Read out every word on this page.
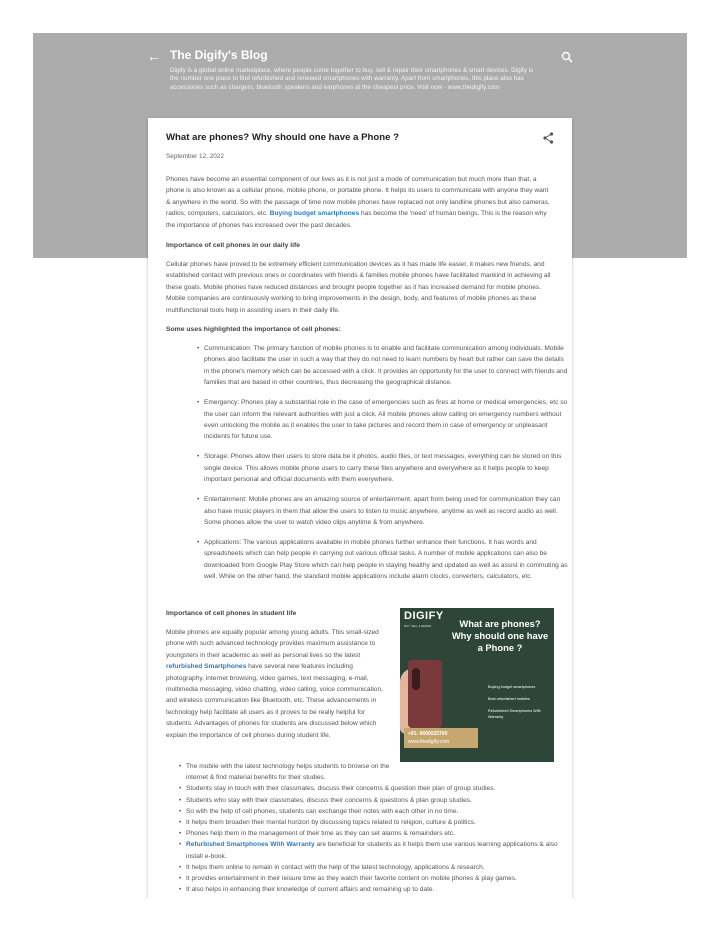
← The Digify's Blog

Digify is a global online marketplace, where people come together to buy, sell & repair their smartphones & smart devices. Digify is the number one place to find refurbished and renewed smartphones with warranty. Apart from smartphones, this place also has accessories such as chargers, bluetooth speakers and earphones at the cheapest price. Visit now - www.thedigify.com

What are phones? Why should one have a Phone ?
September 12, 2022

Phones have become an essential component of our lives as it is not just a mode of communication but much more than that, a phone is also known as a cellular phone, mobile phone, or portable phone. It helps its users to communicate with anyone they want & anywhere in the world. So with the passage of time now mobile phones have replaced not only landline phones but also cameras, radios, computers, calculators, etc. Buying budget smartphones has become the 'need' of human beings. This is the reason why the importance of phones has increased over the past decades.

Importance of cell phones in our daily life

Cellular phones have proved to be extremely efficient communication devices as it has made life easier, it makes new friends, and established contact with previous ones or coordinates with friends & families mobile phones have facilitated mankind in achieving all these goals. Mobile phones have reduced distances and brought people together as it has increased demand for mobile phones. Mobile companies are continuously working to bring improvements in the design, body, and features of mobile phones as these multifunctional tools help in assisting users in their daily life.

Some uses highlighted the importance of cell phones:
• Communication: The primary function of mobile phones is to enable and facilitate communication among individuals. Mobile phones also facilitate the user in such a way that they do not need to learn numbers by heart but rather can save the details in the phone's memory which can be accessed with a click. It provides an opportunity for the user to connect with friends and families that are based in other countries, thus decreasing the geographical distance.
• Emergency: Phones play a substantial role in the case of emergencies such as fires at home or medical emergencies, etc so the user can inform the relevant authorities with just a click. All mobile phones allow calling on emergency numbers without even unlocking the mobile as it enables the user to take pictures and record them in case of emergency or unpleasant incidents for future use.
• Storage: Phones allow their users to store data be it photos, audio files, or text messages, everything can be stored on this single device. This allows mobile phone users to carry these files anywhere and everywhere as it helps people to keep important personal and official documents with them everywhere.
• Entertainment: Mobile phones are an amazing source of entertainment, apart from being used for communication they can also have music players in them that allow the users to listen to music anywhere, anytime as well as record audio as well. Some phones allow the user to watch video clips anytime & from anywhere.
• Applications: The various applications available in mobile phones further enhance their functions. It has words and spreadsheets which can help people in carrying out various official tasks. A number of mobile applications can also be downloaded from Google Play Store which can help people in staying healthy and updated as well as assist in commuting as well. While on the other hand, the standard mobile applications include alarm clocks, converters, calculators, etc.
Importance of cell phones in student life

Mobile phones are equally popular among young adults. This small-sized phone with such advanced technology provides maximum assistance to youngsters in their academic as well as personal lives so the latest refurbished Smartphones have several new features including photography, internet browsing, video games, text messaging, e-mail, multimedia messaging, video chatting, video calling, voice communication, and wireless communication like Bluetooth, etc. These advancements in technology help facilitate all users as it proves to be really helpful for students. Advantages of phones for students are discussed below which explain the importance of cell phones during student life.

• The mobile with the latest technology helps students to browse on the internet & find material benefits for their studies.
• Students stay in touch with their classmates, discuss their concerns & question their plan of group studies.
• Students who stay with their classmates, discuss their concerns & questions & plan group studies.
• So with the help of cell phones, students can exchange their notes with each other in no time.
• It helps them broaden their mental horizon by discussing topics related to religion, culture & politics.
• Phones help them in the management of their time as they can set alarms & remainders etc.
• Refurbished Smartphones With Warranty are beneficial for students as it helps them use various learning applications & also install e-book.
• It helps them online to remain in contact with the help of the latest technology, applications & research.
• It provides entertainment in their leisure time as they watch their favorite content on mobile phones & play games.
• It also helps in enhancing their knowledge of current affairs and remaining up to date.
DIGIFY
BUY, SELL & REPAIR	What are phones? Why should one have a Phone ?
Buying budget smartphones
Best refurbished mobiles
Refurbished Smartphones With Warranty
+91- 9600025700
www.thedigify.com
